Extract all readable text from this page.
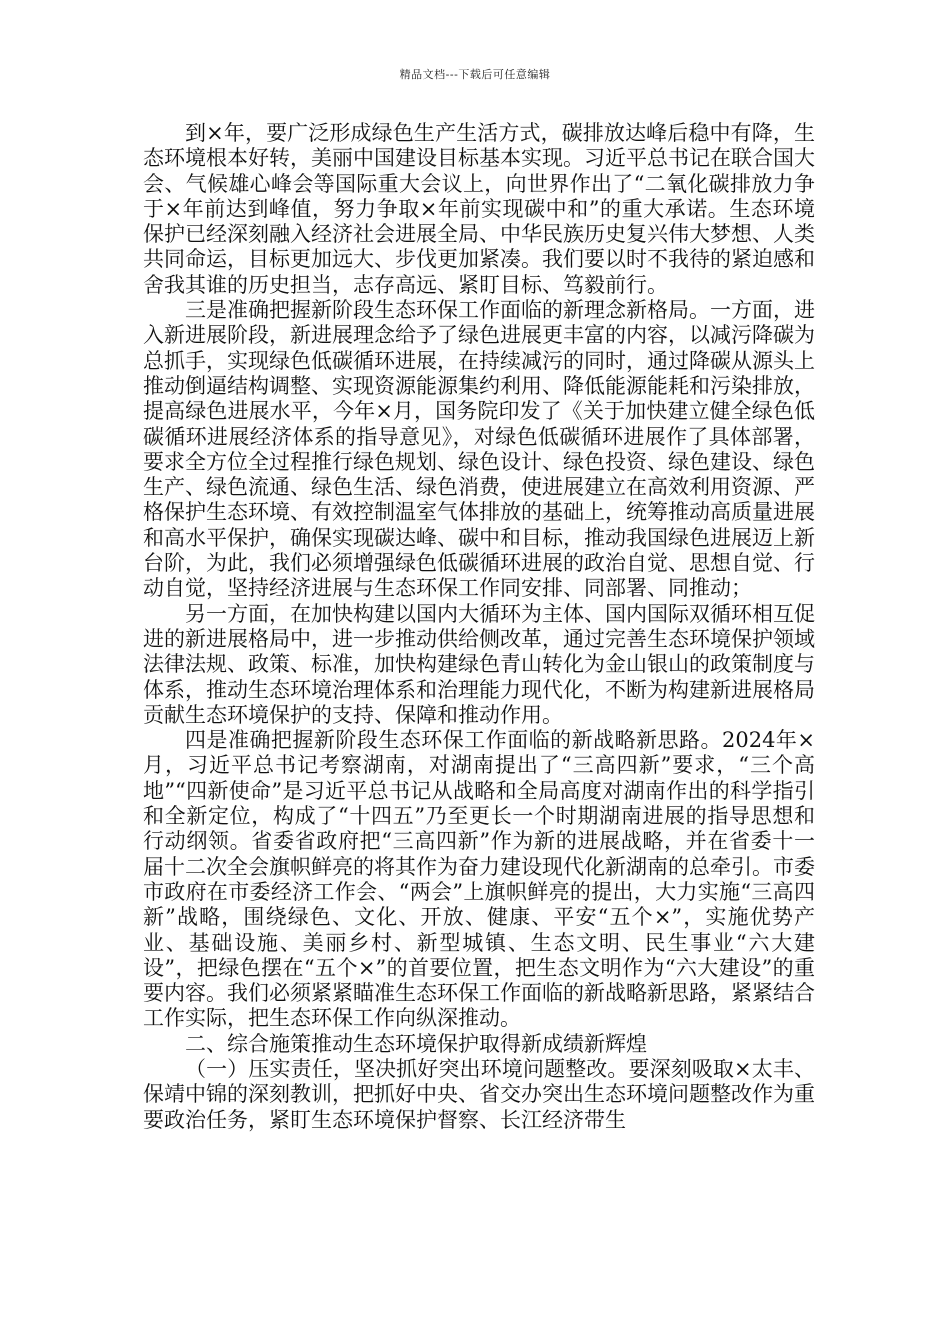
精品文档---下载后可任意编辑

到×年，要广泛形成绿色生产生活方式，碳排放达峰后稳中有降，生态环境根本好转，美丽中国建设目标基本实现。习近平总书记在联合国大会、气候雄心峰会等国际重大会议上，向世界作出了“二氧化碳排放力争于×年前达到峰值，努力争取×年前实现碳中和”的重大承诺。生态环境保护已经深刻融入经济社会进展全局、中华民族历史复兴伟大梦想、人类共同命运，目标更加远大、步伐更加紧凑。我们要以时不我待的紧迫感和舍我其谁的历史担当，志存高远、紧盯目标、笃毅前行。

三是准确把握新阶段生态环保工作面临的新理念新格局。一方面，进入新进展阶段，新进展理念给予了绿色进展更丰富的内容，以减污降碳为总抓手，实现绿色低碳循环进展，在持续减污的同时，通过降碳从源头上推动倒逼结构调整、实现资源能源集约利用、降低能源能耗和污染排放，提高绿色进展水平，今年×月，国务院印发了《关于加快建立健全绿色低碳循环进展经济体系的指导意见》，对绿色低碳循环进展作了具体部署，要求全方位全过程推行绿色规划、绿色设计、绿色投资、绿色建设、绿色生产、绿色流通、绿色生活、绿色消费，使进展建立在高效利用资源、严格保护生态环境、有效控制温室气体排放的基础上，统筹推动高质量进展和高水平保护，确保实现碳达峰、碳中和目标，推动我国绿色进展迈上新台阶，为此，我们必须增强绿色低碳循环进展的政治自觉、思想自觉、行动自觉，坚持经济进展与生态环保工作同安排、同部署、同推动；

另一方面，在加快构建以国内大循环为主体、国内国际双循环相互促进的新进展格局中，进一步推动供给侧改革，通过完善生态环境保护领域法律法规、政策、标准，加快构建绿色青山转化为金山银山的政策制度与体系，推动生态环境治理体系和治理能力现代化，不断为构建新进展格局贡献生态环境保护的支持、保障和推动作用。

四是准确把握新阶段生态环保工作面临的新战略新思路。2024年×月，习近平总书记考察湖南，对湖南提出了“三高四新”要求，“三个高地”“四新使命”是习近平总书记从战略和全局高度对湖南作出的科学指引和全新定位，构成了“十四五”乃至更长一个时期湖南进展的指导思想和行动纲领。省委省政府把“三高四新”作为新的进展战略，并在省委十一届十二次全会旗帜鲜亮的将其作为奋力建设现代化新湖南的总牵引。市委市政府在市委经济工作会、“两会”上旗帜鲜亮的提出，大力实施“三高四新”战略，围绕绿色、文化、开放、健康、平安“五个×”，实施优势产业、基础设施、美丽乡村、新型城镇、生态文明、民生事业“六大建设”，把绿色摆在“五个×”的首要位置，把生态文明作为“六大建设”的重要内容。我们必须紧紧瞄准生态环保工作面临的新战略新思路，紧紧结合工作实际，把生态环保工作向纵深推动。

二、综合施策推动生态环境保护取得新成绩新辉煌

（一）压实责任，坚决抓好突出环境问题整改。要深刻吸取×太丰、保靖中锦的深刻教训，把抓好中央、省交办突出生态环境问题整改作为重要政治任务，紧盯生态环境保护督察、长江经济带生
